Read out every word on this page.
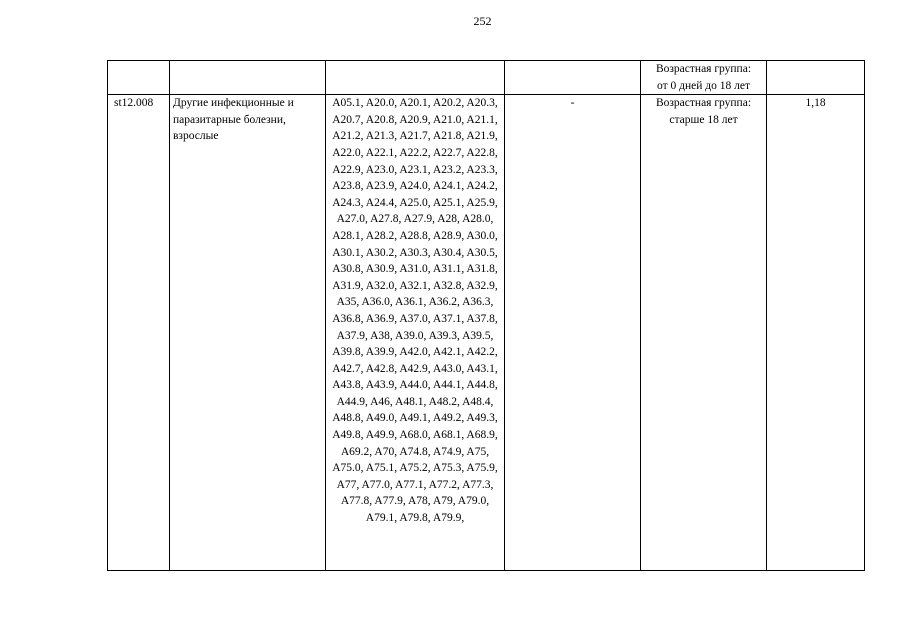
252

				Возрастная группа:
от 0 дней до 18 лет	

st12.008	Другие инфекционные и паразитарные болезни, взрослые	A05.1, A20.0, A20.1, A20.2, A20.3, A20.7, A20.8, A20.9, A21.0, A21.1, A21.2, A21.3, A21.7, A21.8, A21.9, A22.0, A22.1, A22.2, A22.7, A22.8, A22.9, A23.0, A23.1, A23.2, A23.3, A23.8, A23.9, A24.0, A24.1, A24.2, A24.3, A24.4, A25.0, A25.1, A25.9, A27.0, A27.8, A27.9, A28, A28.0, A28.1, A28.2, A28.8, A28.9, A30.0, A30.1, A30.2, A30.3, A30.4, A30.5, A30.8, A30.9, A31.0, A31.1, A31.8, A31.9, A32.0, A32.1, A32.8, A32.9, A35, A36.0, A36.1, A36.2, A36.3, A36.8, A36.9, A37.0, A37.1, A37.8, A37.9, A38, A39.0, A39.3, A39.5, A39.8, A39.9, A42.0, A42.1, A42.2, A42.7, A42.8, A42.9, A43.0, A43.1, A43.8, A43.9, A44.0, A44.1, A44.8, A44.9, A46, A48.1, A48.2, A48.4, A48.8, A49.0, A49.1, A49.2, A49.3, A49.8, A49.9, A68.0, A68.1, A68.9, A69.2, A70, A74.8, A74.9, A75, A75.0, A75.1, A75.2, A75.3, A75.9, A77, A77.0, A77.1, A77.2, A77.3, A77.8, A77.9, A78, A79, A79.0, A79.1, A79.8, A79.9,	-	Возрастная группа:
старше 18 лет	1,18
